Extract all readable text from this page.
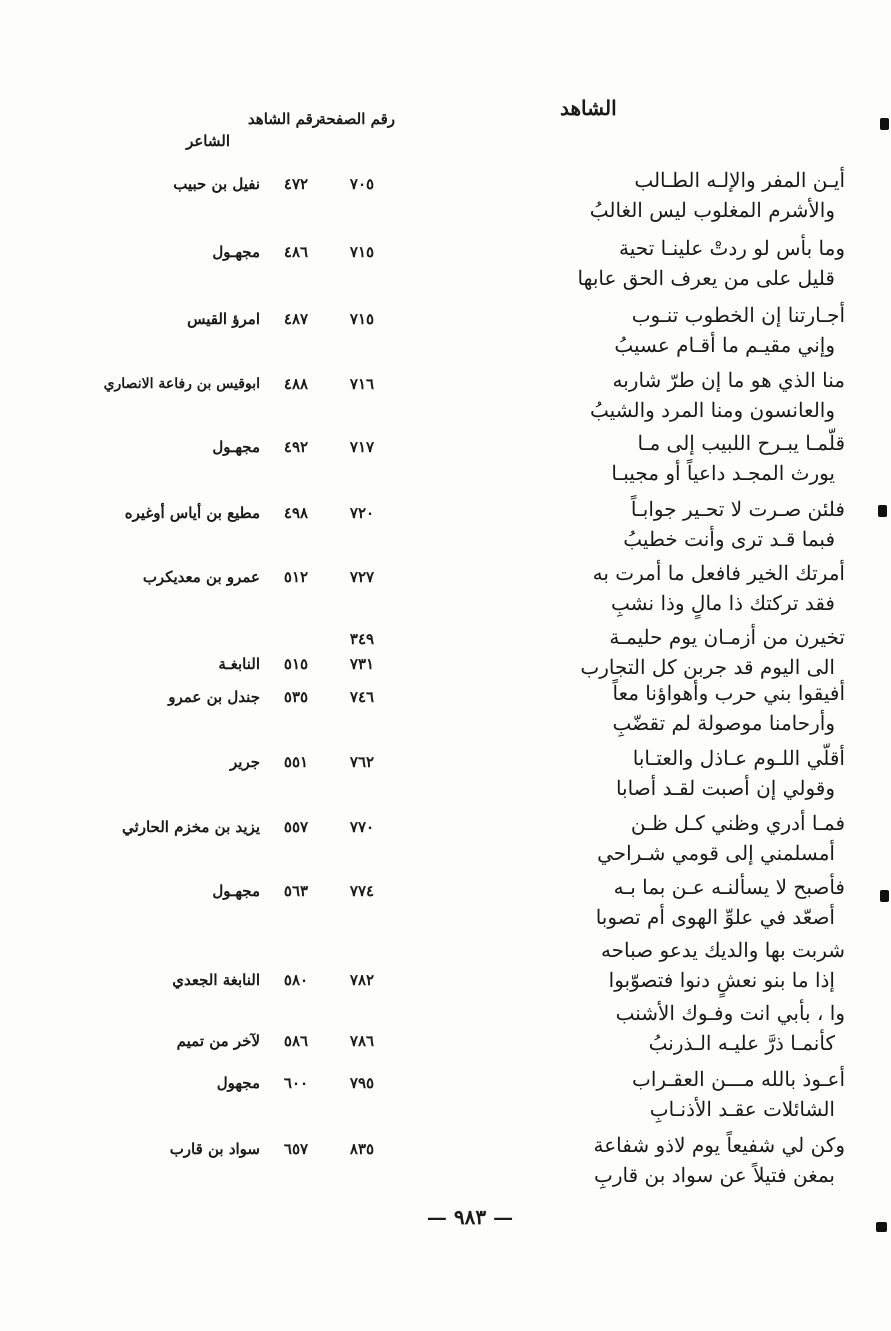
الشاهد
رقم الصفحة
رقم الشاهد
الشاعر
أيـن المفر والإلـه الطـالب
والأشرم المغلوب ليس الغالبُ
٧٠٥
٤٧٢
نفيل بن حبيب
وما بأس لو ردتْ علينـا تحية
قليل على من يعرف الحق عابها
٧١٥
٤٨٦
مجهـول
أجـارتنا إن الخطوب تنـوب
وإني مقيـم ما أقـام عسيبُ
٧١٥
٤٨٧
امرؤ القيس
منا الذي هو ما إن طرّ شاربه
والعانسون ومنا المرد والشيبُ
٧١٦
٤٨٨
ابوقيس بن رفاعة الانصاري
قلّمـا يبـرح اللبيب إلى مـا
يورث المجـد داعياً أو مجيبـا
٧١٧
٤٩٢
مجهـول
فلئن صـرت لا تحـير جوابـاً
فبما قـد ترى وأنت خطيبُ
٧٢٠
٤٩٨
مطيع بن أياس أوغيره
أمرتك الخير فافعل ما أمرت به
فقد تركتك ذا مالٍ وذا نشبِ
٧٢٧
٥١٢
عمرو بن معديكرب
٣٤٩	تخيرن من أزمـان يوم حليمـة
الى اليوم قد جربن كل التجارب
٧٣١
٥١٥
النابغـة
أفيقوا بني حرب وأهواؤنا معاً
وأرحامنا موصولة لم تقضّبِ
٧٤٦
٥٣٥
جندل بن عمرو
أقلّي اللـوم عـاذل والعتـابا
وقولي إن أصبت لقـد أصابا
٧٦٢
٥٥١
جرير
فمـا أدري وظني كـل ظـن
أمسلمني إلى قومي شـراحي
٧٧٠
٥٥٧
يزيد بن مخزم الحارثي
فأصبح لا يسألنـه عـن بما بـه
أصعّد في علوِّ الهوى أم تصوبا
٧٧٤
٥٦٣
مجهـول
شربت بها والديك يدعو صباحه
إذا ما بنو نعشٍ دنوا فتصوّبوا
٧٨٢
٥٨٠
النابغة الجعدي
وا ، بأبي انت وفـوك الأشنب
كأنمـا ذرَّ عليـه الـذرنبُ
٧٨٦
٥٨٦
لآخر من تميم
أعـوذ بالله مـــن العقـراب
الشائلات عقـد الأذنـابِ
٧٩٥
٦٠٠
مجهول
وكن لي شفيعاً يوم لاذو شفاعة
بمغن فتيلاً عن سواد بن قاربِ
٨٣٥
٦٥٧
سواد بن قارب
— ٩٨٣ —
